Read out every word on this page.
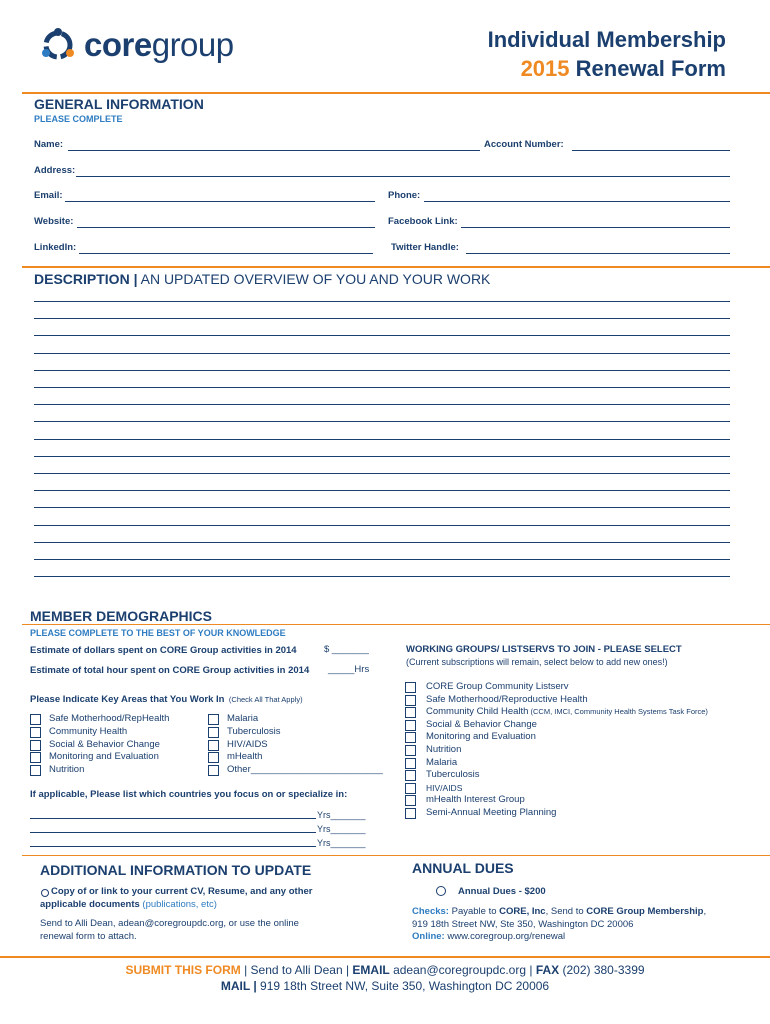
coregroup	Individual Membership
2015 Renewal Form
GENERAL INFORMATION
PLEASE COMPLETE
Name:	Account Number:
Address:
Email:	Phone:
Website:	Facebook Link:
LinkedIn:	Twitter Handle:
DESCRIPTION | AN UPDATED OVERVIEW OF YOU AND YOUR WORK
MEMBER DEMOGRAPHICS
PLEASE COMPLETE TO THE BEST OF YOUR KNOWLEDGE
Estimate of dollars spent on CORE Group activities in 2014	$ _______
Estimate of total hour spent on CORE Group activities in 2014 _____Hrs
Please Indicate Key Areas that You Work In (Check All That Apply)
Safe Motherhood/RepHealth
Community Health
Social & Behavior Change
Monitoring and Evaluation
Nutrition
Malaria
Tuberculosis
HIV/AIDS
mHealth
Other_________________________
If applicable, Please list which countries you focus on or specialize in:
Yrs_______
Yrs_______
Yrs_______
WORKING GROUPS/ LISTSERVS TO JOIN - PLEASE SELECT
(Current subscriptions will remain, select below to add new ones!)
CORE Group Community Listserv
Safe Motherhood/Reproductive Health
Community Child Health (CCM, IMCI, Community Health Systems Task Force)
Social & Behavior Change
Monitoring and Evaluation
Nutrition
Malaria
Tuberculosis
HIV/AIDS
mHealth Interest Group
Semi-Annual Meeting Planning
ADDITIONAL INFORMATION TO UPDATE
Copy of or link to your current CV, Resume, and any other applicable documents (publications, etc)
Send to Alli Dean, adean@coregroupdc.org, or use the online renewal form to attach.
ANNUAL DUES
Annual Dues - $200
Checks: Payable to CORE, Inc, Send to CORE Group Membership,
919 18th Street NW, Ste 350, Washington DC 20006
Online: www.coregroup.org/renewal
SUBMIT THIS FORM | Send to Alli Dean | EMAIL adean@coregroupdc.org | FAX (202) 380-3399
MAIL | 919 18th Street NW, Suite 350, Washington DC 20006
